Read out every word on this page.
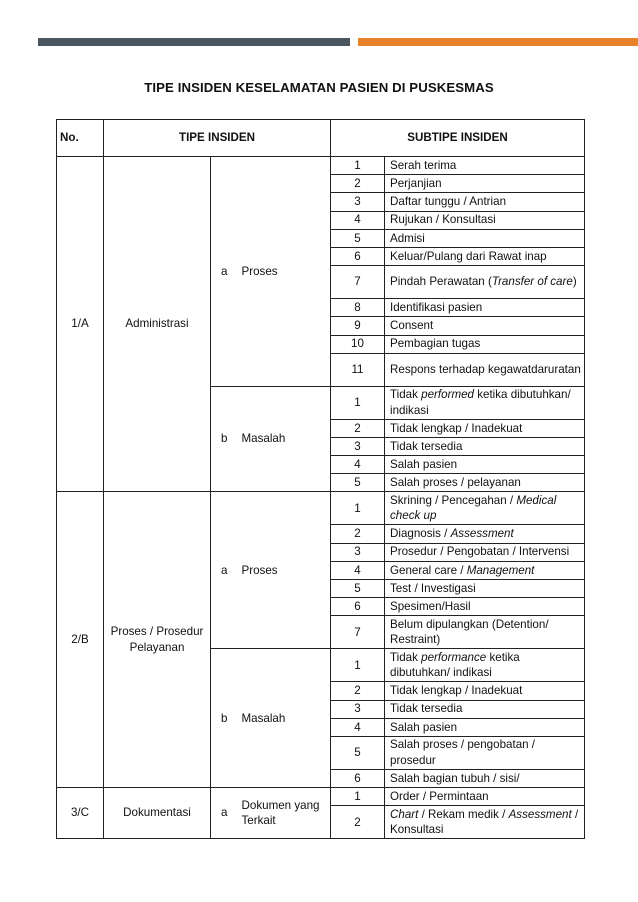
TIPE INSIDEN KESELAMATAN PASIEN DI PUSKESMAS
No.	TIPE INSIDEN			SUBTIPE INSIDEN	
1/A	Administrasi	a	Proses	1	Serah terima
				2	Perjanjian
				3	Daftar tunggu / Antrian
				4	Rujukan / Konsultasi
				5	Admisi
				6	Keluar/Pulang dari Rawat inap
				7	Pindah Perawatan (Transfer of care)
				8	Identifikasi pasien
				9	Consent
				10	Pembagian tugas
				11	Respons terhadap kegawatdaruratan
		b	Masalah	1	Tidak performed ketika dibutuhkan/ indikasi
				2	Tidak lengkap / Inadekuat
				3	Tidak tersedia
				4	Salah pasien
				5	Salah proses / pelayanan
2/B	Proses / Prosedur Pelayanan	a	Proses	1	Skrining / Pencegahan / Medical check up
				2	Diagnosis / Assessment
				3	Prosedur / Pengobatan / Intervensi
				4	General care / Management
				5	Test / Investigasi
				6	Spesimen/Hasil
				7	Belum dipulangkan (Detention/ Restraint)
		b	Masalah	1	Tidak performance ketika dibutuhkan/ indikasi
				2	Tidak lengkap / Inadekuat
				3	Tidak tersedia
				4	Salah pasien
				5	Salah proses / pengobatan / prosedur
				6	Salah bagian tubuh / sisi/
3/C	Dokumentasi	a	Dokumen yang Terkait	1	Order / Permintaan
				2	Chart / Rekam medik / Assessment / Konsultasi
